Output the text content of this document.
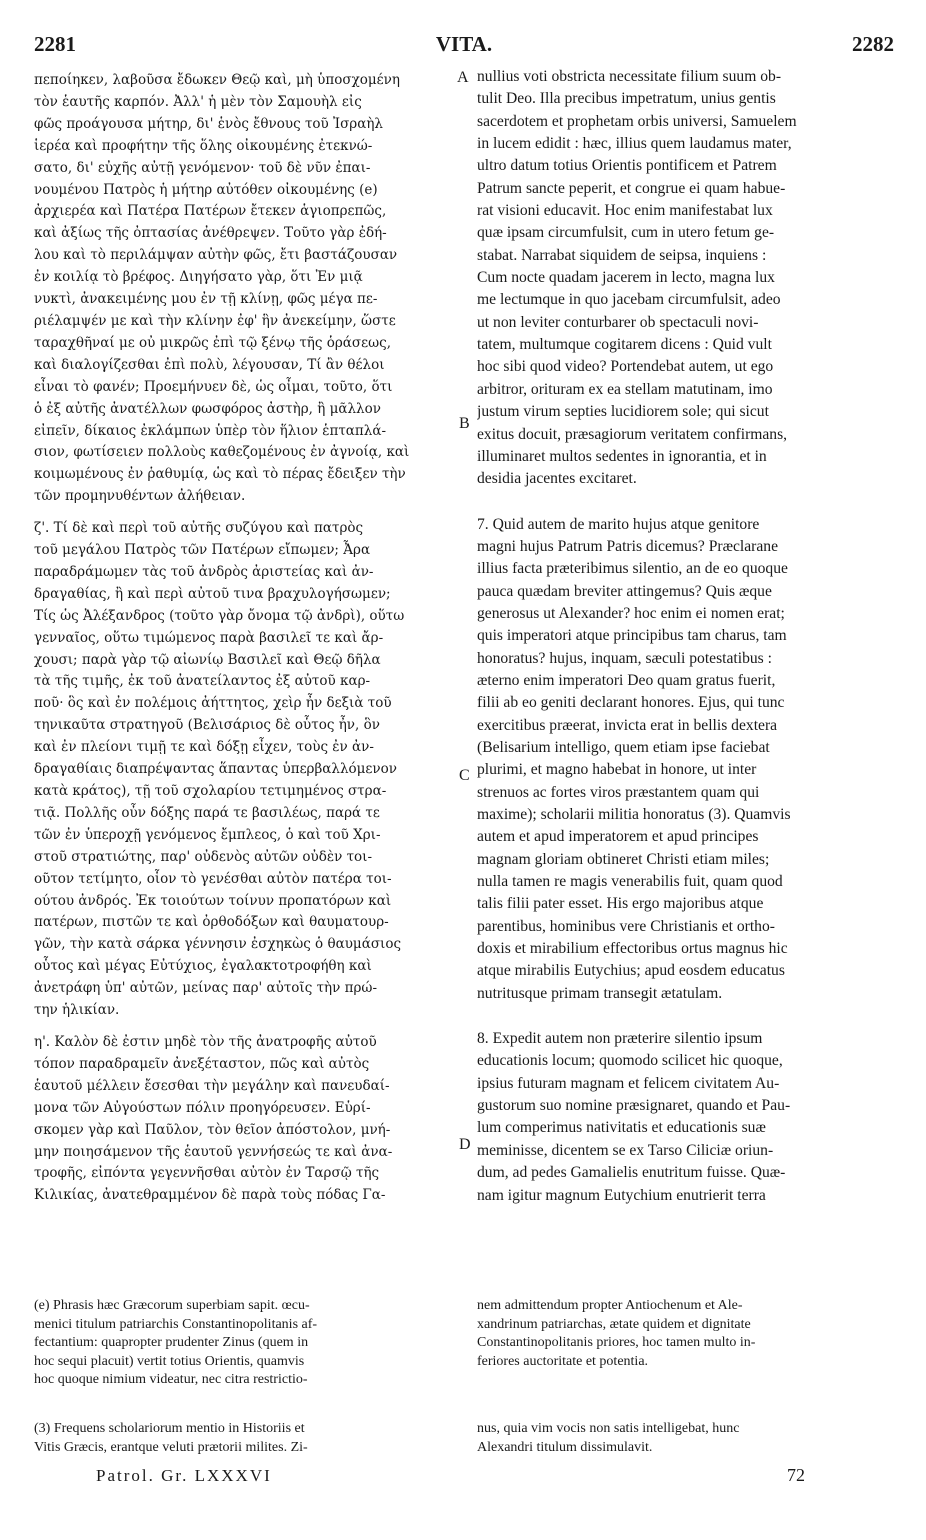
2281	VITA.	2282
πεποίηκεν, λαβοῦσα ἔδωκεν Θεῷ καὶ, μὴ ὑποσχομένη
τὸν ἑαυτῆς καρπόν. Ἀλλ' ἡ μὲν τὸν Σαμουὴλ εἰς
φῶς προάγουσα μήτηρ, δι' ἑνὸς ἔθνους τοῦ Ἰσραὴλ
ἱερέα καὶ προφήτην τῆς ὅλης οἰκουμένης ἐτεκνώ-
σατο, δι' εὐχῆς αὐτῇ γενόμενον· τοῦ δὲ νῦν ἐπαι-
νουμένου Πατρὸς ἡ μήτηρ αὐτόθεν οἰκουμένης (e)
ἀρχιερέα καὶ Πατέρα Πατέρων ἔτεκεν ἁγιοπρεπῶς,
καὶ ἀξίως τῆς ὀπτασίας ἀνέθρεψεν. Τοῦτο γὰρ ἐδή-
λου καὶ τὸ περιλάμψαν αὐτὴν φῶς, ἔτι βαστάζουσαν
ἐν κοιλίᾳ τὸ βρέφος. Διηγήσατο γὰρ, ὅτι Ἐν μιᾷ
νυκτὶ, ἀνακειμένης μου ἐν τῇ κλίνῃ, φῶς μέγα πε-
ριέλαμψέν με καὶ τὴν κλίνην ἐφ' ἣν ἀνεκείμην, ὥστε
ταραχθῆναί με οὐ μικρῶς ἐπὶ τῷ ξένῳ τῆς ὁράσεως,
καὶ διαλογίζεσθαι ἐπὶ πολὺ, λέγουσαν, Τί ἂν θέλοι
εἶναι τὸ φανέν; Προεμήνυεν δὲ, ὡς οἶμαι, τοῦτο, ὅτι
ὁ ἐξ αὐτῆς ἀνατέλλων φωσφόρος ἀστὴρ, ἢ μᾶλλον
εἰπεῖν, δίκαιος ἐκλάμπων ὑπὲρ τὸν ἥλιον ἑπταπλά-
σιον, φωτίσειεν πολλοὺς καθεζομένους ἐν ἀγνοίᾳ, καὶ
κοιμωμένους ἐν ῥαθυμίᾳ, ὡς καὶ τὸ πέρας ἔδειξεν τὴν
τῶν προμηνυθέντων ἀλήθειαν.
ζ'. Τί δὲ καὶ περὶ τοῦ αὐτῆς συζύγου καὶ πατρὸς
τοῦ μεγάλου Πατρὸς τῶν Πατέρων εἴπωμεν; Ἆρα
παραδράμωμεν τὰς τοῦ ἀνδρὸς ἀριστείας καὶ ἀν-
δραγαθίας, ἢ καὶ περὶ αὐτοῦ τινα βραχυλογήσωμεν;
Τίς ὡς Ἀλέξανδρος (τοῦτο γὰρ ὄνομα τῷ ἀνδρὶ), οὕτω
γενναῖος, οὕτω τιμώμενος παρὰ βασιλεῖ τε καὶ ἄρ-
χουσι; παρὰ γὰρ τῷ αἰωνίῳ Βασιλεῖ καὶ Θεῷ δῆλα
τὰ τῆς τιμῆς, ἐκ τοῦ ἀνατείλαντος ἐξ αὐτοῦ καρ-
ποῦ· ὃς καὶ ἐν πολέμοις ἀήττητος, χεὶρ ἦν δεξιὰ τοῦ
τηνικαῦτα στρατηγοῦ (Βελισάριος δὲ οὗτος ἦν, ὃν
καὶ ἐν πλείονι τιμῇ τε καὶ δόξῃ εἶχεν, τοὺς ἐν ἀν-
δραγαθίαις διαπρέψαντας ἅπαντας ὑπερβαλλόμενον
κατὰ κράτος), τῇ τοῦ σχολαρίου τετιμημένος στρα-
τιᾷ. Πολλῆς οὖν δόξης παρά τε βασιλέως, παρά τε
τῶν ἐν ὑπεροχῇ γενόμενος ἔμπλεος, ὁ καὶ τοῦ Χρι-
στοῦ στρατιώτης, παρ' οὐδενὸς αὐτῶν οὐδὲν τοι-
οῦτον τετίμητο, οἷον τὸ γενέσθαι αὐτὸν πατέρα τοι-
ούτου ἀνδρός. Ἐκ τοιούτων τοίνυν προπατόρων καὶ
πατέρων, πιστῶν τε καὶ ὀρθοδόξων καὶ θαυματουρ-
γῶν, τὴν κατὰ σάρκα γέννησιν ἐσχηκὼς ὁ θαυμάσιος
οὗτος καὶ μέγας Εὐτύχιος, ἐγαλακτοτροφήθη καὶ
ἀνετράφη ὑπ' αὐτῶν, μείνας παρ' αὐτοῖς τὴν πρώ-
την ἡλικίαν.
η'. Καλὸν δὲ ἐστιν μηδὲ τὸν τῆς ἀνατροφῆς αὐτοῦ
τόπον παραδραμεῖν ἀνεξέταστον, πῶς καὶ αὐτὸς
ἑαυτοῦ μέλλειν ἔσεσθαι τὴν μεγάλην καὶ πανευδαί-
μονα τῶν Αὐγούστων πόλιν προηγόρευσεν. Εὑρί-
σκομεν γὰρ καὶ Παῦλον, τὸν θεῖον ἀπόστολον, μνή-
μην ποιησάμενον τῆς ἑαυτοῦ γεννήσεώς τε καὶ ἀνα-
τροφῆς, εἰπόντα γεγεννῆσθαι αὐτὸν ἐν Ταρσῷ τῆς
Κιλικίας, ἀνατεθραμμένον δὲ παρὰ τοὺς πόδας Γα-
nullius voti obstricta necessitate filium suum ob-
tulit Deo. Illa precibus impetratum, unius gentis
sacerdotem et prophetam orbis universi, Samuelem
in lucem edidit : hæc, illius quem laudamus mater,
ultro datum totius Orientis pontificem et Patrem
Patrum sancte peperit, et congrue ei quam habue-
rat visioni educavit. Hoc enim manifestabat lux
quæ ipsam circumfulsit, cum in utero fetum ge-
stabat. Narrabat siquidem de seipsa, inquiens :
Cum nocte quadam jacerem in lecto, magna lux
me lectumque in quo jacebam circumfulsit, adeo
ut non leviter conturbarer ob spectaculi novi-
tatem, multumque cogitarem dicens : Quid vult
hoc sibi quod video? Portendebat autem, ut ego
arbitror, orituram ex ea stellam matutinam, imo
justum virum septies lucidiorem sole; qui sicut
exitus docuit, præsagiorum veritatem confirmans,
illuminaret multos sedentes in ignorantia, et in
desidia jacentes excitaret.
7. Quid autem de marito hujus atque genitore
magni hujus Patrum Patris dicemus? Præclarane
illius facta præteribimus silentio, an de eo quoque
pauca quædam breviter attingemus? Quis æque
generosus ut Alexander? hoc enim ei nomen erat;
quis imperatori atque principibus tam charus, tam
honoratus? hujus, inquam, sæculi potestatibus :
æterno enim imperatori Deo quam gratus fuerit,
filii ab eo geniti declarant honores. Ejus, qui tunc
exercitibus præerat, invicta erat in bellis dextera
(Belisarium intelligo, quem etiam ipse faciebat
plurimi, et magno habebat in honore, ut inter
strenuos ac fortes viros præstantem quam qui
maxime); scholarii militia honoratus (3). Quamvis
autem et apud imperatorem et apud principes
magnam gloriam obtineret Christi etiam miles;
nulla tamen re magis venerabilis fuit, quam quod
talis filii pater esset. His ergo majoribus atque
parentibus, hominibus vere Christianis et ortho-
doxis et mirabilium effectoribus ortus magnus hic
atque mirabilis Eutychius; apud eosdem educatus
nutritusque primam transegit ætatulam.
8. Expedit autem non præterire silentio ipsum
educationis locum; quomodo scilicet hic quoque,
ipsius futuram magnam et felicem civitatem Au-
gustorum suo nomine præsignaret, quando et Pau-
lum comperimus nativitatis et educationis suæ
meminisse, dicentem se ex Tarso Ciliciæ oriun-
dum, ad pedes Gamalielis enutritum fuisse. Quæ-
nam igitur magnum Eutychium enutrierit terra
A
B
C
D
(e) Phrasis hæc Græcorum superbiam sapit. œcu-
menici titulum patriarchis Constantinopolitanis af-
fectantium: quapropter prudenter Zinus (quem in
hoc sequi placuit) vertit totius Orientis, quamvis
hoc quoque nimium videatur, nec citra restrictio-
nem admittendum propter Antiochenum et Ale-
xandrinum patriarchas, ætate quidem et dignitate
Constantinopolitanis priores, hoc tamen multo in-
feriores auctoritate et potentia.
(3) Frequens scholariorum mentio in Historiis et
Vitis Græcis, erantque veluti prætorii milites. Zi-
nus, quia vim vocis non satis intelligebat, hunc
Alexandri titulum dissimulavit.
Patrol. Gr. LXXXVI	72
